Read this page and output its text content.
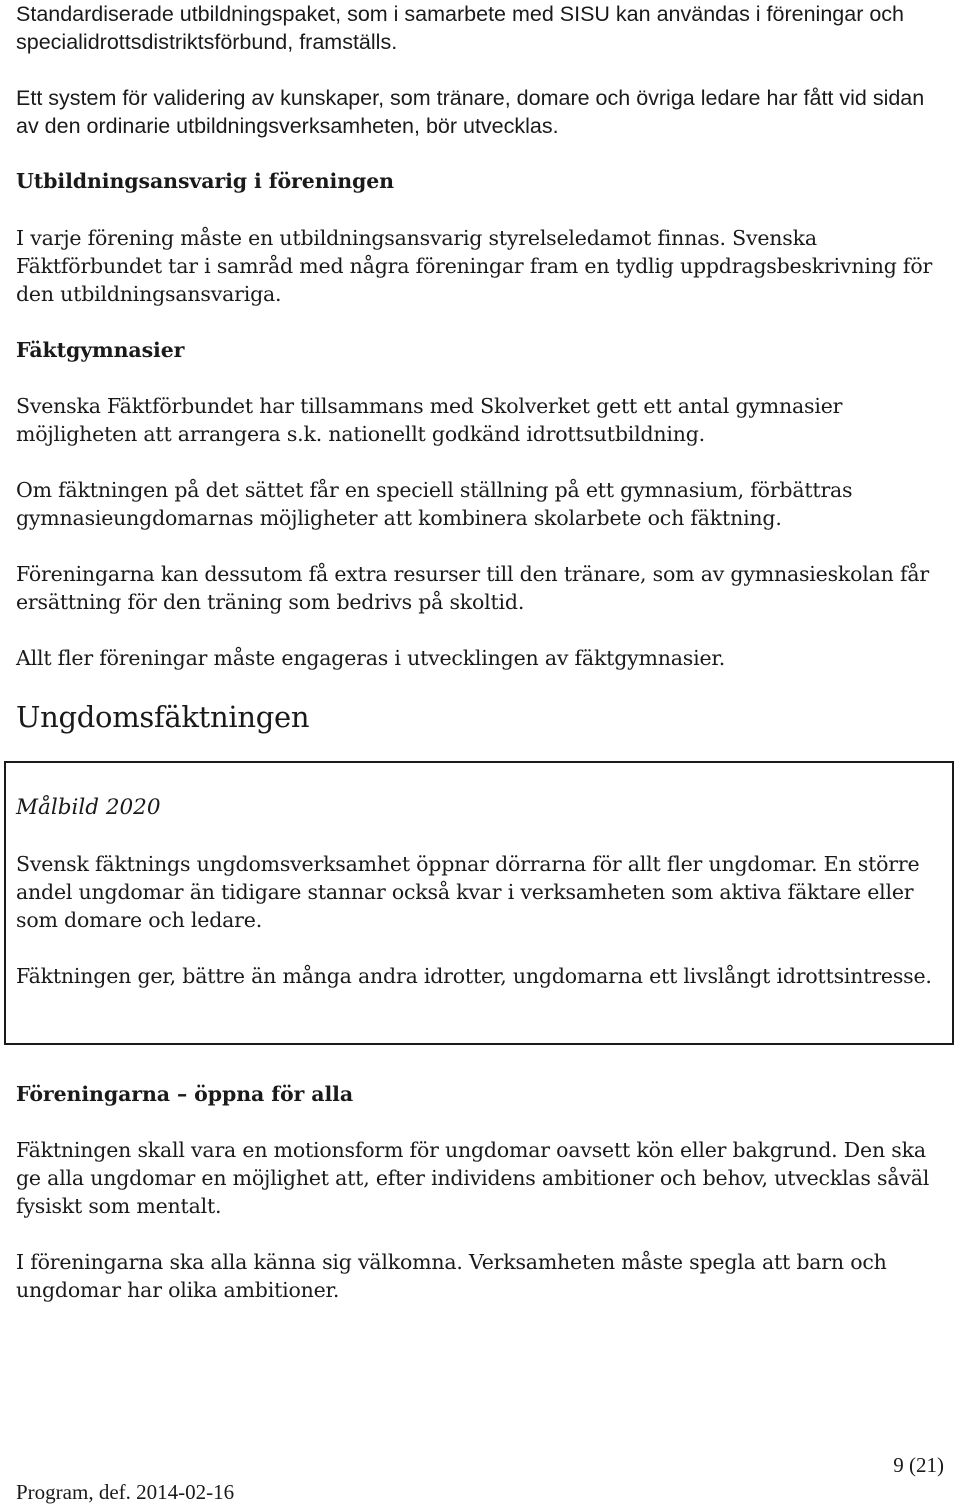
Standardiserade utbildningspaket, som i samarbete med SISU kan användas i föreningar och specialidrottsdistriktsförbund, framställs.

Ett system för validering av kunskaper, som tränare, domare och övriga ledare har fått vid sidan av den ordinarie utbildningsverksamheten, bör utvecklas.

Utbildningsansvarig i föreningen

I varje förening måste en utbildningsansvarig styrelseledamot finnas. Svenska Fäktförbundet tar i samråd med några föreningar fram en tydlig uppdragsbeskrivning för den utbildningsansvariga.

Fäktgymnasier

Svenska Fäktförbundet har tillsammans med Skolverket gett ett antal gymnasier möjligheten att arrangera s.k. nationellt godkänd idrottsutbildning.

Om fäktningen på det sättet får en speciell ställning på ett gymnasium, förbättras gymnasieungdomarnas möjligheter att kombinera skolarbete och fäktning.

Föreningarna kan dessutom få extra resurser till den tränare, som av gymnasieskolan får ersättning för den träning som bedrivs på skoltid.

Allt fler föreningar måste engageras i utvecklingen av fäktgymnasier.

Ungdomsfäktningen

Målbild 2020

Svensk fäktnings ungdomsverksamhet öppnar dörrarna för allt fler ungdomar. En större andel ungdomar än tidigare stannar också kvar i verksamheten som aktiva fäktare eller som domare och ledare.

Fäktningen ger, bättre än många andra idrotter, ungdomarna ett livslångt idrottsintresse.

Föreningarna – öppna för alla

Fäktningen skall vara en motionsform för ungdomar oavsett kön eller bakgrund. Den ska ge alla ungdomar en möjlighet att, efter individens ambitioner och behov, utvecklas såväl fysiskt som mentalt.

I föreningarna ska alla känna sig välkomna. Verksamheten måste spegla att barn och ungdomar har olika ambitioner.

9 (21)
Program, def. 2014-02-16
